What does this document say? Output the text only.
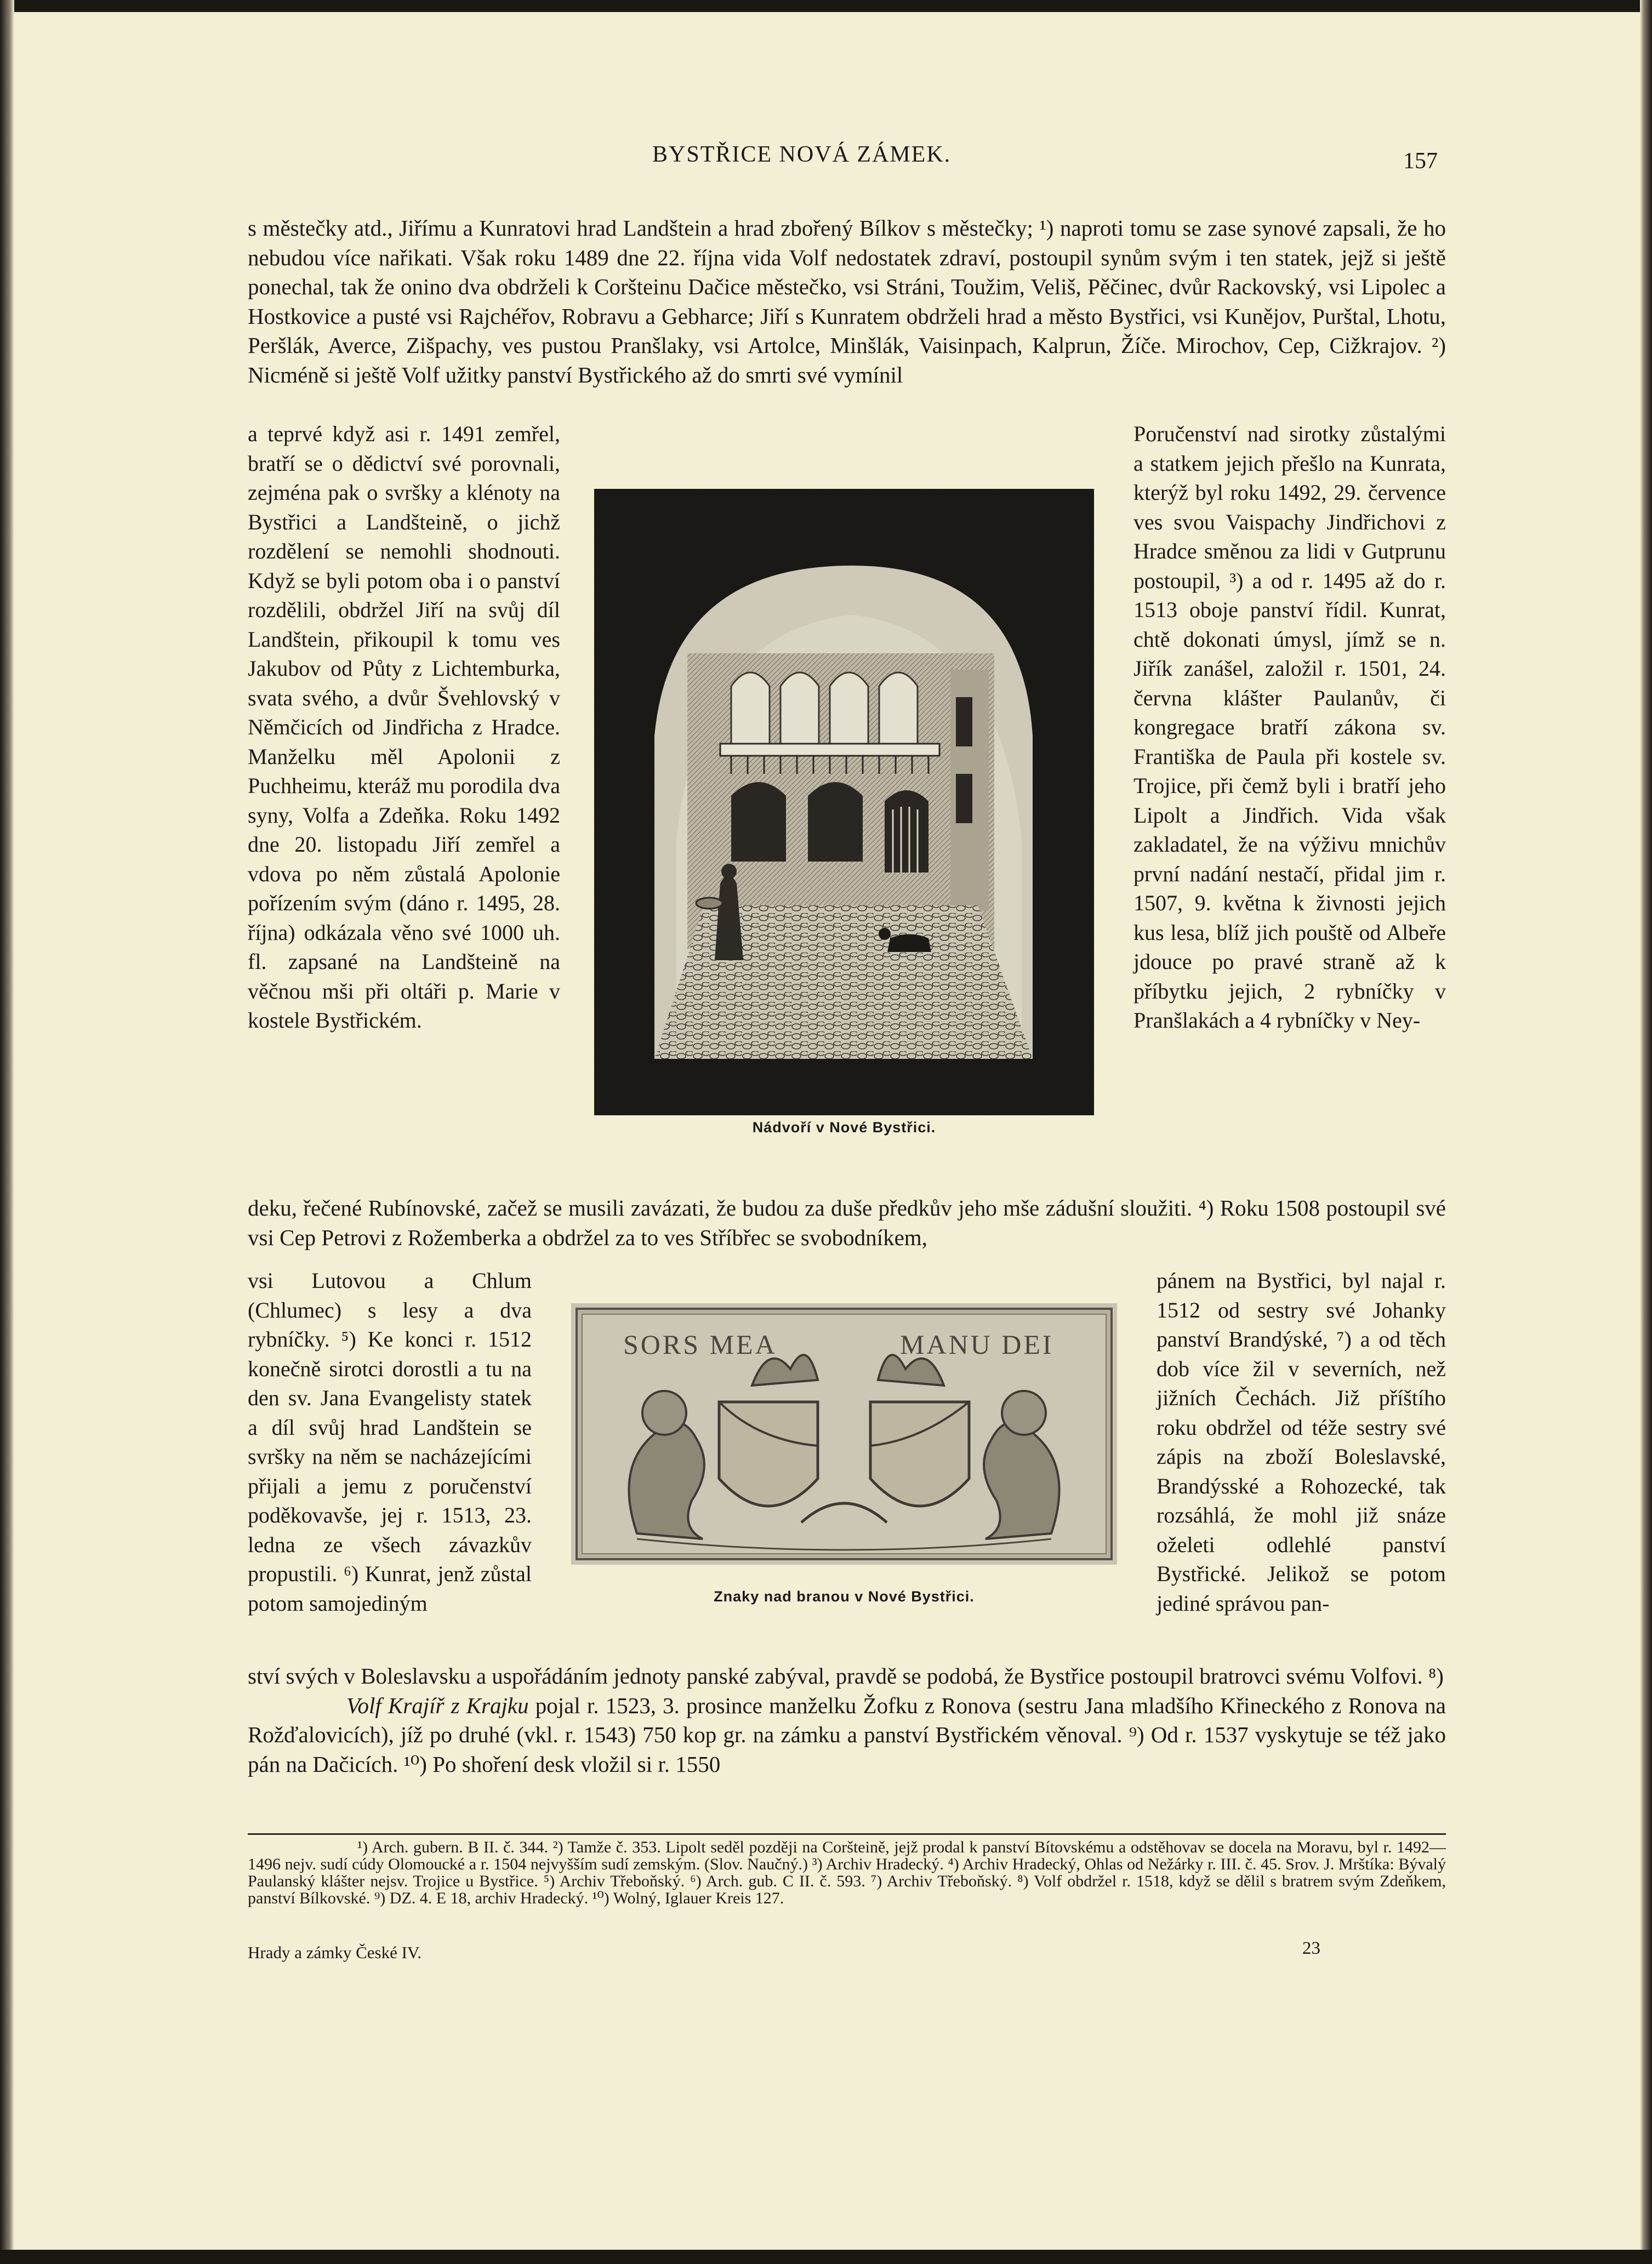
BYSTŘICE NOVÁ ZÁMEK.	157

s městečky atd., Jiřímu a Kunratovi hrad Landštein a hrad zbořený Bílkov s městečky; ¹) naproti tomu se zase synové zapsali, že ho nebudou více nařikati. Však roku 1489 dne 22. října vida Volf nedostatek zdraví, postoupil synům svým i ten statek, jejž si ještě ponechal, tak že onino dva obdrželi k Coršteinu Dačice městečko, vsi Stráni, Toužim, Veliš, Pěčinec, dvůr Rackovský, vsi Lipolec a Hostkovice a pusté vsi Rajchéřov, Robravu a Gebharce; Jiří s Kunratem obdrželi hrad a město Bystřici, vsi Kunějov, Purštal, Lhotu, Peršlák, Averce, Zišpachy, ves pustou Pranšlaky, vsi Artolce, Minšlák, Vaisinpach, Kalprun, Žíče. Mirochov, Cep, Cižkrajov. ²) Nicméně si ještě Volf užitky panství Bystřického až do smrti své vymínil

a teprvé když asi r. 1491 zemřel, bratří se o dědictví své porovnali, zejména pak o svršky a klénoty na Bystřici a Landšteině, o jichž rozdělení se nemohli shodnouti. Když se byli potom oba i o panství rozdělili, obdržel Jiří na svůj díl Landštein, přikoupil k tomu ves Jakubov od Půty z Lichtemburka, svata svého, a dvůr Švehlovský v Němčicích od Jindřicha z Hradce. Manželku měl Apolonii z Puchheimu, kteráž mu porodila dva syny, Volfa a Zdeňka. Roku 1492 dne 20. listopadu Jiří zemřel a vdova po něm zůstalá Apolonie pořízením svým (dáno r. 1495, 28. října) odkázala věno své 1000 uh. fl. zapsané na Landšteině na věčnou mši při oltáři p. Marie v kostele Bystřickém.

Nádvoří v Nové Bystřici.

Poručenství nad sirotky zůstalými a statkem jejich přešlo na Kunrata, kterýž byl roku 1492, 29. července ves svou Vaispachy Jindřichovi z Hradce směnou za lidi v Gutprunu postoupil, ³) a od r. 1495 až do r. 1513 oboje panství řídil. Kunrat, chtě dokonati úmysl, jímž se n. Jiřík zanášel, založil r. 1501, 24. června klášter Paulanův, či kongregace bratří zákona sv. Františka de Paula při kostele sv. Trojice, při čemž byli i bratří jeho Lipolt a Jindřich. Vida však zakladatel, že na výživu mnichův první nadání nestačí, přidal jim r. 1507, 9. května k živnosti jejich kus lesa, blíž jich pouště od Albeře jdouce po pravé straně až k příbytku jejich, 2 rybníčky v Pranšlakách a 4 rybníčky v Ney-

deku, řečené Rubínovské, začež se musili zavázati, že budou za duše předkův jeho mše zádušní sloužiti. ⁴) Roku 1508 postoupil své vsi Cep Petrovi z Rožemberka a obdržel za to ves Stříbřec se svobodníkem,

vsi Lutovou a Chlum (Chlumec) s lesy a dva rybníčky. ⁵) Ke konci r. 1512 konečně sirotci dorostli a tu na den sv. Jana Evangelisty statek a díl svůj hrad Landštein se svršky na něm se nacházejícími přijali a jemu z poručenství poděkovavše, jej r. 1513, 23. ledna ze všech závazkův propustili. ⁶) Kunrat, jenž zůstal potom samojediným

SORS MEA	MANU DEI
Znaky nad branou v Nové Bystřici.

pánem na Bystřici, byl najal r. 1512 od sestry své Johanky panství Brandýské, ⁷) a od těch dob více žil v severních, než jižních Čechách. Již příštího roku obdržel od téže sestry své zápis na zboží Boleslavské, Brandýsské a Rohozecké, tak rozsáhlá, že mohl již snáze oželeti odlehlé panství Bystřické. Jelikož se potom jediné správou pan-

ství svých v Boleslavsku a uspořádáním jednoty panské zabýval, pravdě se podobá, že Bystřice postoupil bratrovci svému Volfovi. ⁸)

Volf Krajíř z Krajku pojal r. 1523, 3. prosince manželku Žofku z Ronova (sestru Jana mladšího Křineckého z Ronova na Rožďalovicích), jíž po druhé (vkl. r. 1543) 750 kop gr. na zámku a panství Bystřickém věnoval. ⁹) Od r. 1537 vyskytuje se též jako pán na Dačicích. ¹⁰) Po shoření desk vložil si r. 1550

¹) Arch. gubern. B II. č. 344. ²) Tamže č. 353. Lipolt seděl později na Coršteině, jejž prodal k panství Bítovskému a odstěhovav se docela na Moravu, byl r. 1492—1496 nejv. sudí cúdy Olomoucké a r. 1504 nejvyšším sudí zemským. (Slov. Naučný.) ³) Archiv Hradecký. ⁴) Archiv Hradecký, Ohlas od Nežárky r. III. č. 45. Srov. J. Mrštíka: Bývalý Paulanský klášter nejsv. Trojice u Bystřice. ⁵) Archiv Třeboňský. ⁶) Arch. gub. C II. č. 593. ⁷) Archiv Třeboňský. ⁸) Volf obdržel r. 1518, když se dělil s bratrem svým Zdeňkem, panství Bílkovské. ⁹) DZ. 4. E 18, archiv Hradecký. ¹⁰) Wolný, Iglauer Kreis 127.

Hrady a zámky České IV.	23
